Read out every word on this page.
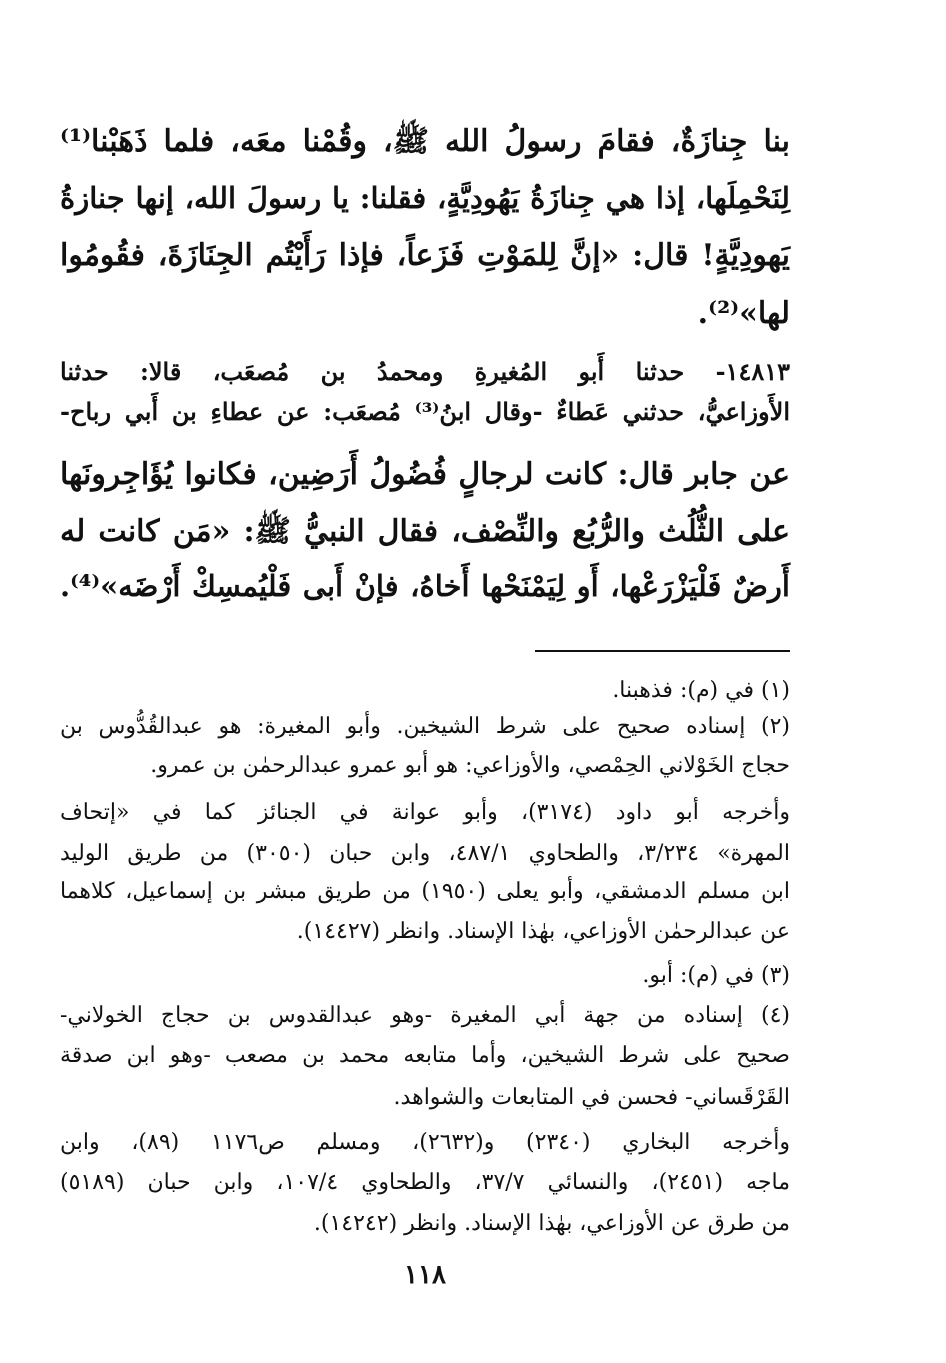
بنا جِنازَةٌ، فقامَ رسولُ الله ﷺ، وقُمْنا معَه، فلما ذَهَبْنا⁽¹⁾
لِنَحْمِلَها، إذا هي جِنازَةُ يَهُودِيَّةٍ، فقلنا: يا رسولَ الله، إنها جنازةُ
يَهودِيَّةٍ! قال: «إنَّ لِلمَوْتِ فَزَعاً، فإذا رَأَيْتُم الجِنَازَةَ، فقُومُوا
لها»⁽²⁾.
١٤٨١٣- حدثنا أَبو المُغيرةِ ومحمدُ بن مُصعَب، قالا: حدثنا
الأَوزاعيُّ، حدثني عَطاءٌ -وقال ابنُ⁽³⁾ مُصعَب: عن عطاءِ بن أَبي رباح-
عن جابر قال: كانت لرجالٍ فُضُولُ أَرَضِين، فكانوا يُؤَاجِرونَها
على الثُّلُث والرُّبُع والنِّصْف، فقال النبيُّ ﷺ: «مَن كانت له
أَرضٌ فَلْيَزْرَعْها، أَو لِيَمْنَحْها أَخاهُ، فإنْ أَبى فَلْيُمسِكْ أَرْضَه»⁽⁴⁾.
(١) في (م): فذهبنا.
(٢) إسناده صحيح على شرط الشيخين. وأبو المغيرة: هو عبدالقُدُّوس بن
حجاج الخَوْلاني الحِمْصي، والأوزاعي: هو أبو عمرو عبدالرحمٰن بن عمرو.
وأخرجه أبو داود (٣١٧٤)، وأبو عوانة في الجنائز كما في «إتحاف
المهرة» ٣/٢٣٤، والطحاوي ٤٨٧/١، وابن حبان (٣٠٥٠) من طريق الوليد
ابن مسلم الدمشقي، وأبو يعلى (١٩٥٠) من طريق مبشر بن إسماعيل، كلاهما
عن عبدالرحمٰن الأوزاعي، بهٰذا الإسناد. وانظر (١٤٤٢٧).
(٣) في (م): أبو.
(٤) إسناده من جهة أبي المغيرة -وهو عبدالقدوس بن حجاج الخولاني-
صحيح على شرط الشيخين، وأما متابعه محمد بن مصعب -وهو ابن صدقة
القَرْقَساني- فحسن في المتابعات والشواهد.
وأخرجه البخاري (٢٣٤٠) و(٢٦٣٢)، ومسلم ص١١٧٦ (٨٩)، وابن
ماجه (٢٤٥١)، والنسائي ٣٧/٧، والطحاوي ١٠٧/٤، وابن حبان (٥١٨٩)
من طرق عن الأوزاعي، بهٰذا الإسناد. وانظر (١٤٢٤٢).
١١٨
